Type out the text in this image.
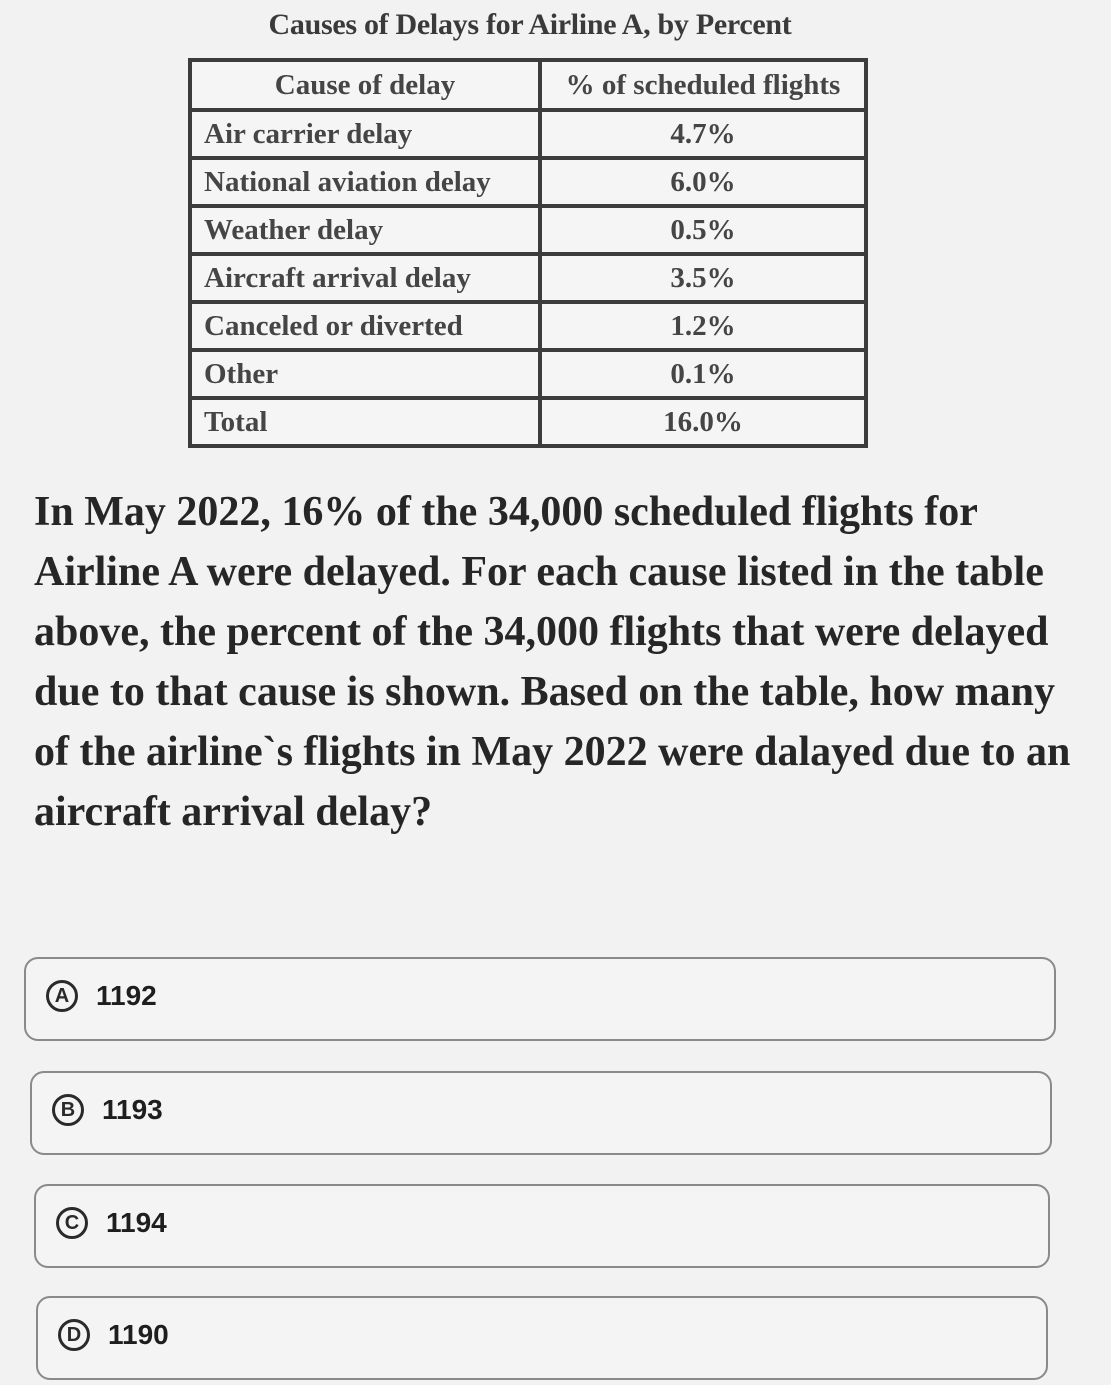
Causes of Delays for Airline A, by Percent
Cause of delay	% of scheduled flights
Air carrier delay	4.7%
National aviation delay	6.0%
Weather delay	0.5%
Aircraft arrival delay	3.5%
Canceled or diverted	1.2%
Other	0.1%
Total	16.0%
In May 2022, 16% of the 34,000 scheduled flights for Airline A were delayed. For each cause listed in the table above, the percent of the 34,000 flights that were delayed due to that cause is shown. Based on the table, how many of the airline`s flights in May 2022 were dalayed due to an aircraft arrival delay?
A 1192
B 1193
C 1194
D 1190
